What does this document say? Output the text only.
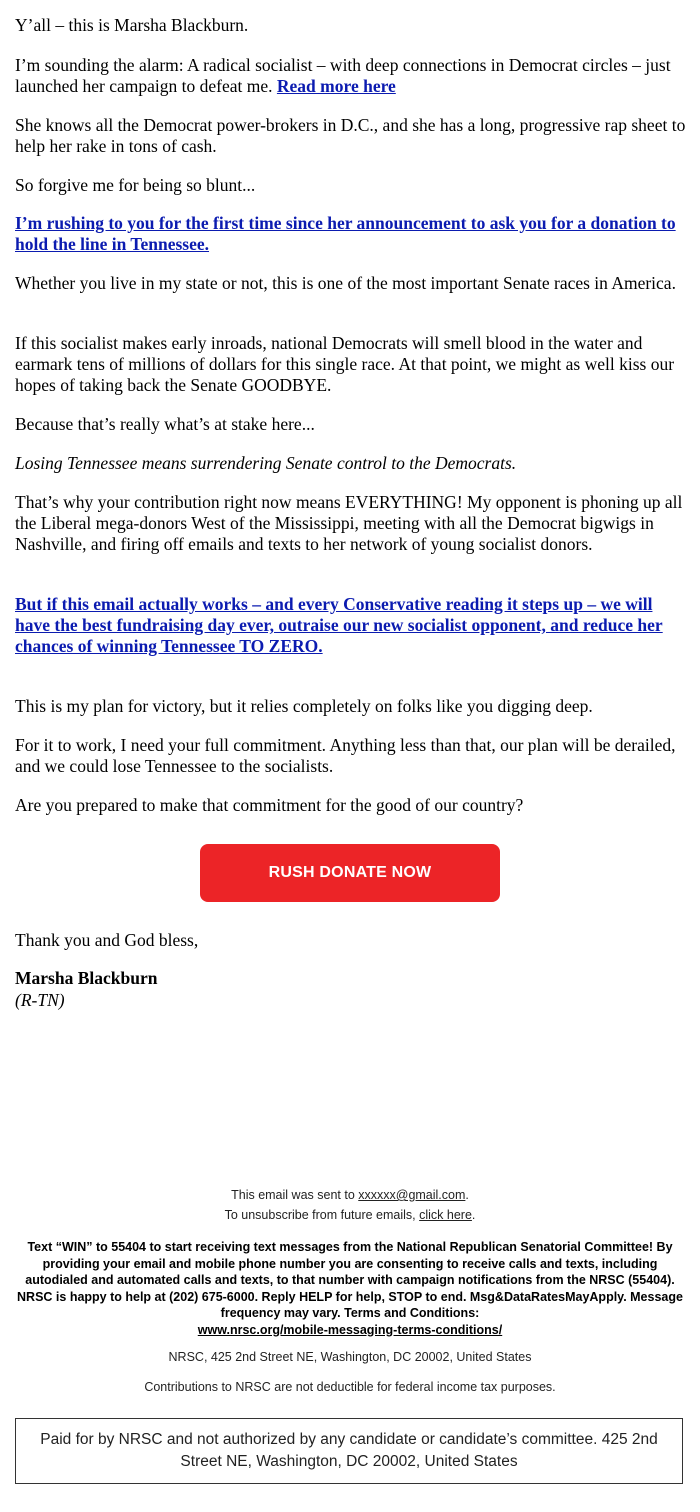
Y’all – this is Marsha Blackburn.

I’m sounding the alarm: A radical socialist – with deep connections in Democrat circles – just launched her campaign to defeat me. Read more here

She knows all the Democrat power-brokers in D.C., and she has a long, progressive rap sheet to help her rake in tons of cash.

So forgive me for being so blunt...

I’m rushing to you for the first time since her announcement to ask you for a donation to hold the line in Tennessee.

Whether you live in my state or not, this is one of the most important Senate races in America.

If this socialist makes early inroads, national Democrats will smell blood in the water and earmark tens of millions of dollars for this single race. At that point, we might as well kiss our hopes of taking back the Senate GOODBYE.

Because that’s really what’s at stake here...

Losing Tennessee means surrendering Senate control to the Democrats.

That’s why your contribution right now means EVERYTHING! My opponent is phoning up all the Liberal mega-donors West of the Mississippi, meeting with all the Democrat bigwigs in Nashville, and firing off emails and texts to her network of young socialist donors.

But if this email actually works – and every Conservative reading it steps up – we will have the best fundraising day ever, outraise our new socialist opponent, and reduce her chances of winning Tennessee TO ZERO.

This is my plan for victory, but it relies completely on folks like you digging deep.

For it to work, I need your full commitment. Anything less than that, our plan will be derailed, and we could lose Tennessee to the socialists.

Are you prepared to make that commitment for the good of our country?

Thank you and God bless,

Marsha Blackburn

(R-TN)

RUSH DONATE NOW
This email was sent to xxxxxx@gmail.com.
To unsubscribe from future emails, click here.
Text “WIN” to 55404 to start receiving text messages from the National Republican Senatorial Committee! By providing your email and mobile phone number you are consenting to receive calls and texts, including autodialed and automated calls and texts, to that number with campaign notifications from the NRSC (55404). NRSC is happy to help at (202) 675-6000. Reply HELP for help, STOP to end. Msg&DataRatesMayApply. Message frequency may vary. Terms and Conditions:
www.nrsc.org/mobile-messaging-terms-conditions/
NRSC, 425 2nd Street NE, Washington, DC 20002, United States
Contributions to NRSC are not deductible for federal income tax purposes.
Paid for by NRSC and not authorized by any candidate or candidate’s committee. 425 2nd Street NE, Washington, DC 20002, United States
